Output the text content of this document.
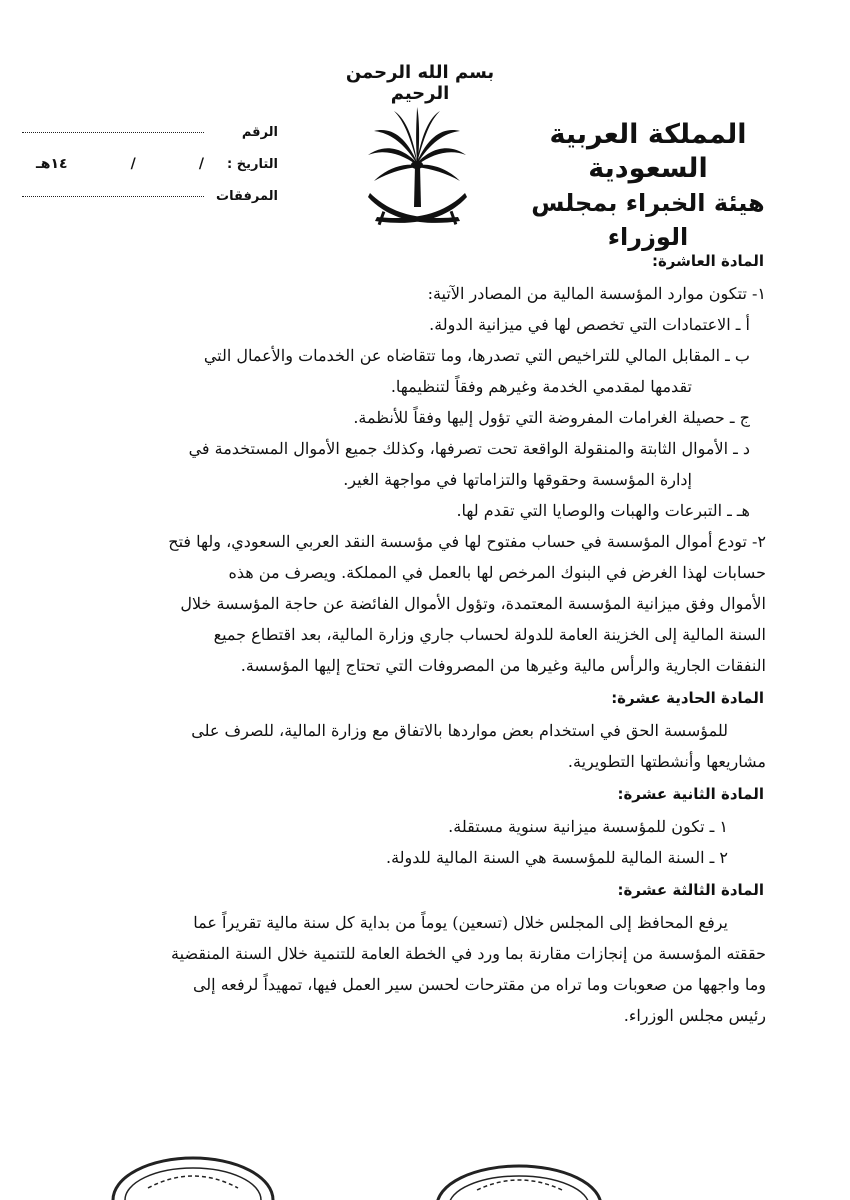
بسم الله الرحمن الرحيم
المملكة العربية السعودية
هيئة الخبراء بمجلس الوزراء
الرقم
التاريخ :
/
/
١٤هـ
المرفقات
المادة العاشرة:

١- تتكون موارد المؤسسة المالية من المصادر الآتية:

أ ـ الاعتمادات التي تخصص لها في ميزانية الدولة.

ب ـ المقابل المالي للتراخيص التي تصدرها، وما تتقاضاه عن الخدمات والأعمال التي

تقدمها لمقدمي الخدمة وغيرهم وفقاً لتنظيمها.

ج ـ حصيلة الغرامات المفروضة التي تؤول إليها وفقاً للأنظمة.

د ـ الأموال الثابتة والمنقولة الواقعة تحت تصرفها، وكذلك جميع الأموال المستخدمة في

إدارة المؤسسة وحقوقها والتزاماتها في مواجهة الغير.

هـ ـ التبرعات والهبات والوصايا التي تقدم لها.

٢- تودع أموال المؤسسة في حساب مفتوح لها في مؤسسة النقد العربي السعودي، ولها فتح

حسابات لهذا الغرض في البنوك المرخص لها بالعمل في المملكة. ويصرف من هذه

الأموال وفق ميزانية المؤسسة المعتمدة، وتؤول الأموال الفائضة عن حاجة المؤسسة خلال

السنة المالية إلى الخزينة العامة للدولة لحساب جاري وزارة المالية، بعد اقتطاع جميع

النفقات الجارية والرأس مالية وغيرها من المصروفات التي تحتاج إليها المؤسسة.

المادة الحادية عشرة:

للمؤسسة الحق في استخدام بعض مواردها بالاتفاق مع وزارة المالية، للصرف على

مشاريعها وأنشطتها التطويرية.

المادة الثانية عشرة:

١ ـ تكون للمؤسسة ميزانية سنوية مستقلة.

٢ ـ السنة المالية للمؤسسة هي السنة المالية للدولة.

المادة الثالثة عشرة:

يرفع المحافظ إلى المجلس خلال (تسعين) يوماً من بداية كل سنة مالية تقريراً عما

حققته المؤسسة من إنجازات مقارنة بما ورد في الخطة العامة للتنمية خلال السنة المنقضية

وما واجهها من صعوبات وما تراه من مقترحات لحسن سير العمل فيها، تمهيداً لرفعه إلى

رئيس مجلس الوزراء.
